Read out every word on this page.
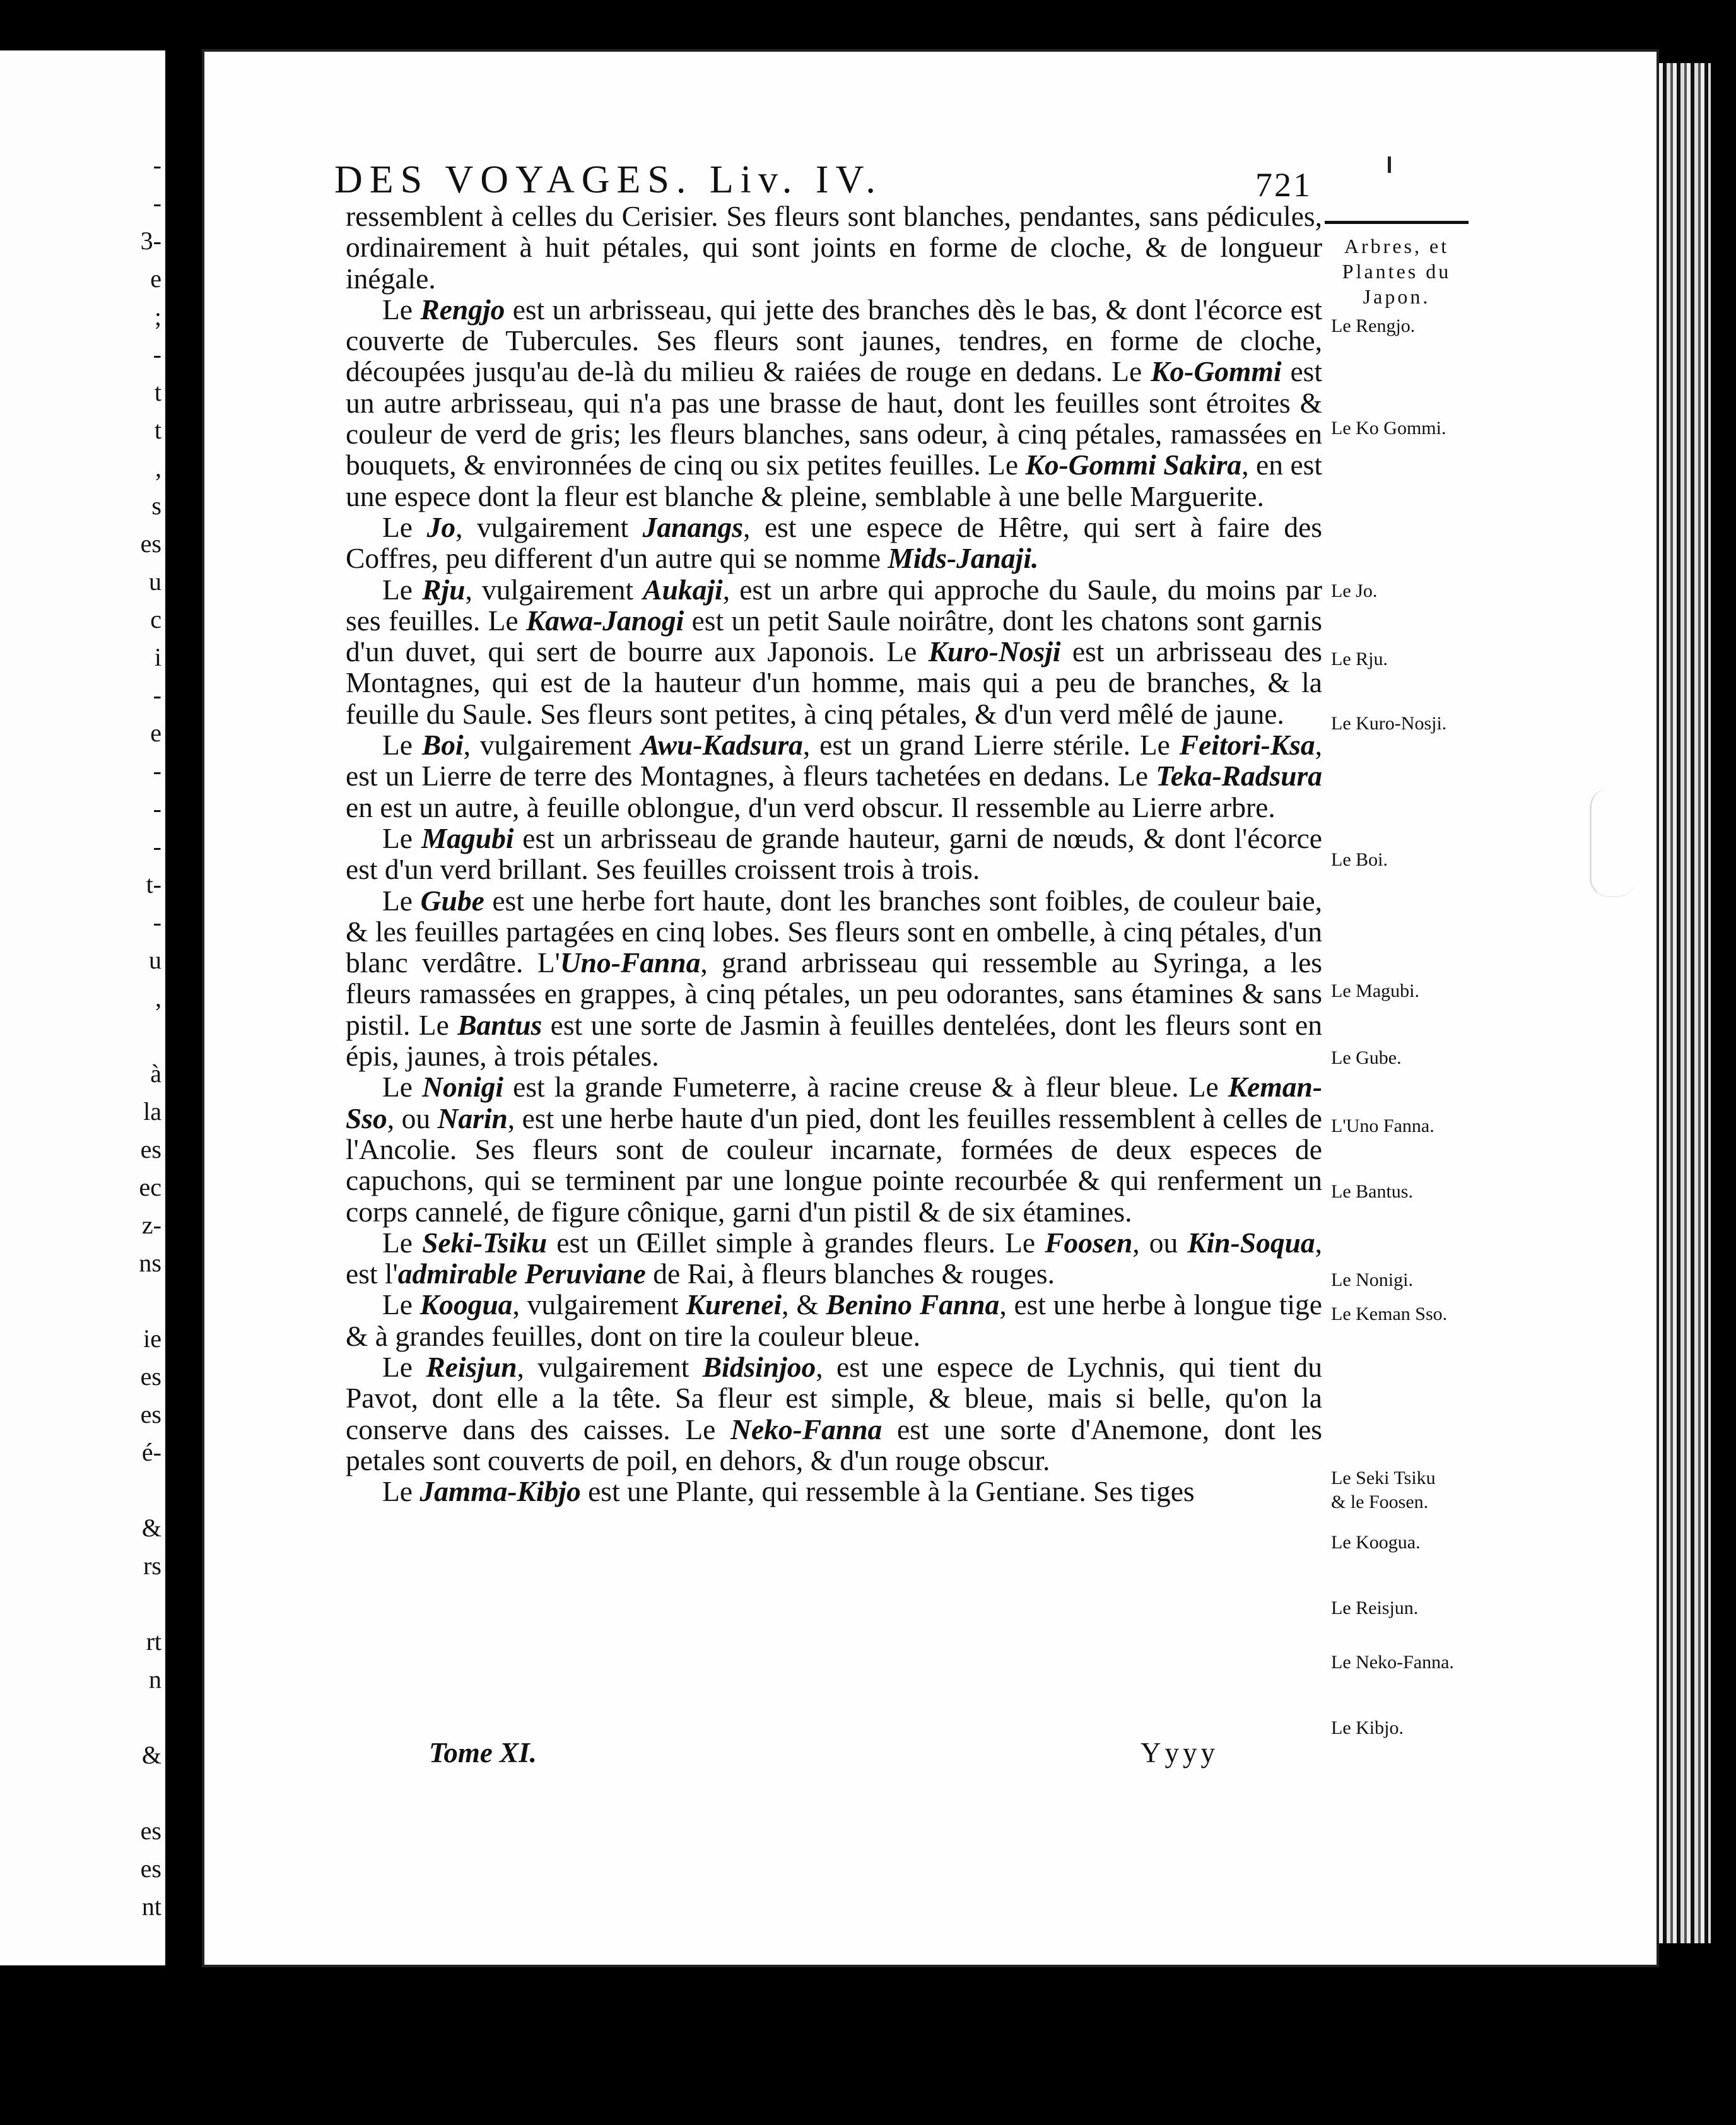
-
-
3-
e
;
-
t
t
,
s
es
u
c
i
-
e
-
-
-
t-
-
u
,
à
la
es
ec
z-
ns
ie
es
es
é-
&
rs
rt
n
&
es
es
nt
DES VOYAGES. Liv. IV.	721
Arbres, et Plantes du Japon.

ressemblent à celles du Cerisier. Ses fleurs sont blanches, pendantes, sans pédicules, ordinairement à huit pétales, qui sont joints en forme de cloche, & de longueur inégale.

Le Rengjo est un arbrisseau, qui jette des branches dès le bas, & dont l'écorce est couverte de Tubercules. Ses fleurs sont jaunes, tendres, en forme de cloche, découpées jusqu'au de-là du milieu & raiées de rouge en dedans. Le Ko-Gommi est un autre arbrisseau, qui n'a pas une brasse de haut, dont les feuilles sont étroites & couleur de verd de gris; les fleurs blanches, sans odeur, à cinq pétales, ramassées en bouquets, & environnées de cinq ou six petites feuilles. Le Ko-Gommi Sakira, en est une espece dont la fleur est blanche & pleine, semblable à une belle Marguerite.

Le Jo, vulgairement Janangs, est une espece de Hêtre, qui sert à faire des Coffres, peu different d'un autre qui se nomme Mids-Janaji.

Le Rju, vulgairement Aukaji, est un arbre qui approche du Saule, du moins par ses feuilles. Le Kawa-Janogi est un petit Saule noirâtre, dont les chatons sont garnis d'un duvet, qui sert de bourre aux Japonois. Le Kuro-Nosji est un arbrisseau des Montagnes, qui est de la hauteur d'un homme, mais qui a peu de branches, & la feuille du Saule. Ses fleurs sont petites, à cinq pétales, & d'un verd mêlé de jaune.

Le Boi, vulgairement Awu-Kadsura, est un grand Lierre stérile. Le Feitori-Ksa, est un Lierre de terre des Montagnes, à fleurs tachetées en dedans. Le Teka-Radsura en est un autre, à feuille oblongue, d'un verd obscur. Il ressemble au Lierre arbre.

Le Magubi est un arbrisseau de grande hauteur, garni de nœuds, & dont l'écorce est d'un verd brillant. Ses feuilles croissent trois à trois.

Le Gube est une herbe fort haute, dont les branches sont foibles, de couleur baie, & les feuilles partagées en cinq lobes. Ses fleurs sont en ombelle, à cinq pétales, d'un blanc verdâtre. L'Uno-Fanna, grand arbrisseau qui ressemble au Syringa, a les fleurs ramassées en grappes, à cinq pétales, un peu odorantes, sans étamines & sans pistil. Le Bantus est une sorte de Jasmin à feuilles dentelées, dont les fleurs sont en épis, jaunes, à trois pétales.

Le Nonigi est la grande Fumeterre, à racine creuse & à fleur bleue. Le Keman-Sso, ou Narin, est une herbe haute d'un pied, dont les feuilles ressemblent à celles de l'Ancolie. Ses fleurs sont de couleur incarnate, formées de deux especes de capuchons, qui se terminent par une longue pointe recourbée & qui renferment un corps cannelé, de figure cônique, garni d'un pistil & de six étamines.

Le Seki-Tsiku est un Œillet simple à grandes fleurs. Le Foosen, ou Kin-Soqua, est l'admirable Peruviane de Rai, à fleurs blanches & rouges.

Le Koogua, vulgairement Kurenei, & Benino Fanna, est une herbe à longue tige & à grandes feuilles, dont on tire la couleur bleue.

Le Reisjun, vulgairement Bidsinjoo, est une espece de Lychnis, qui tient du Pavot, dont elle a la tête. Sa fleur est simple, & bleue, mais si belle, qu'on la conserve dans des caisses. Le Neko-Fanna est une sorte d'Anemone, dont les petales sont couverts de poil, en dehors, & d'un rouge obscur.

Le Jamma-Kibjo est une Plante, qui ressemble à la Gentiane. Ses tiges

Le Rengjo.
Le Ko Gommi.
Le Jo.
Le Rju.
Le Kuro-Nosji.
Le Boi.
Le Magubi.
Le Gube.
L'Uno Fanna.
Le Bantus.
Le Nonigi.
Le Keman Sso.
Le Seki Tsiku
& le Foosen.
Le Koogua.
Le Reisjun.
Le Neko-Fanna.
Le Kibjo.
Tome XI.	Yyyy
